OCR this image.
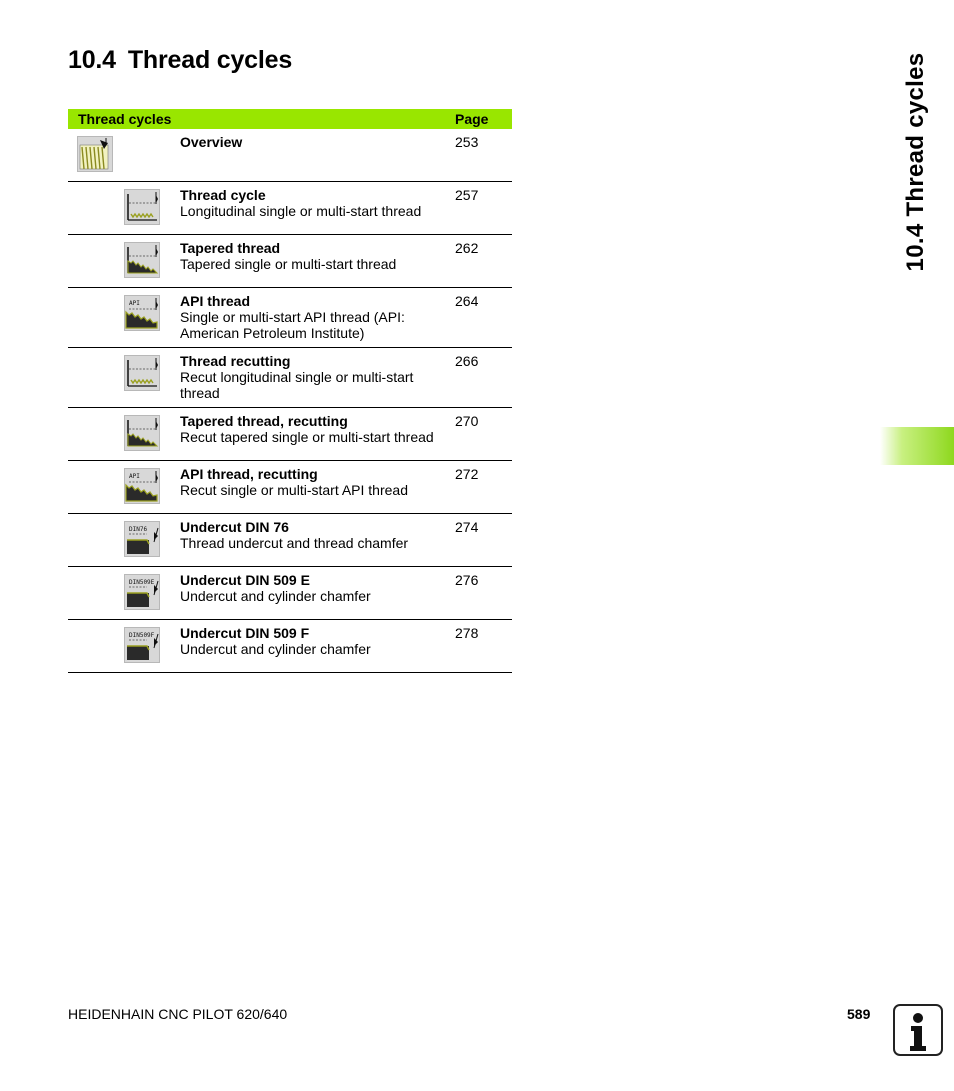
10.4 Thread cycles	10.4 Thread cycles
Thread cycles		Page

Overview	253

Thread cycle
Longitudinal single or multi-start thread	257

Tapered thread
Tapered single or multi-start thread	262

API	API thread
Single or multi-start API thread (API: American Petroleum Institute)	264

Thread recutting
Recut longitudinal single or multi-start thread	266

Tapered thread, recutting
Recut tapered single or multi-start thread	270

API	API thread, recutting
Recut single or multi-start API thread	272

DIN76	Undercut DIN 76
Thread undercut and thread chamfer	274

DIN509E	Undercut DIN 509 E
Undercut and cylinder chamfer	276

DIN509F	Undercut DIN 509 F
Undercut and cylinder chamfer	278
HEIDENHAIN CNC PILOT 620/640	589
